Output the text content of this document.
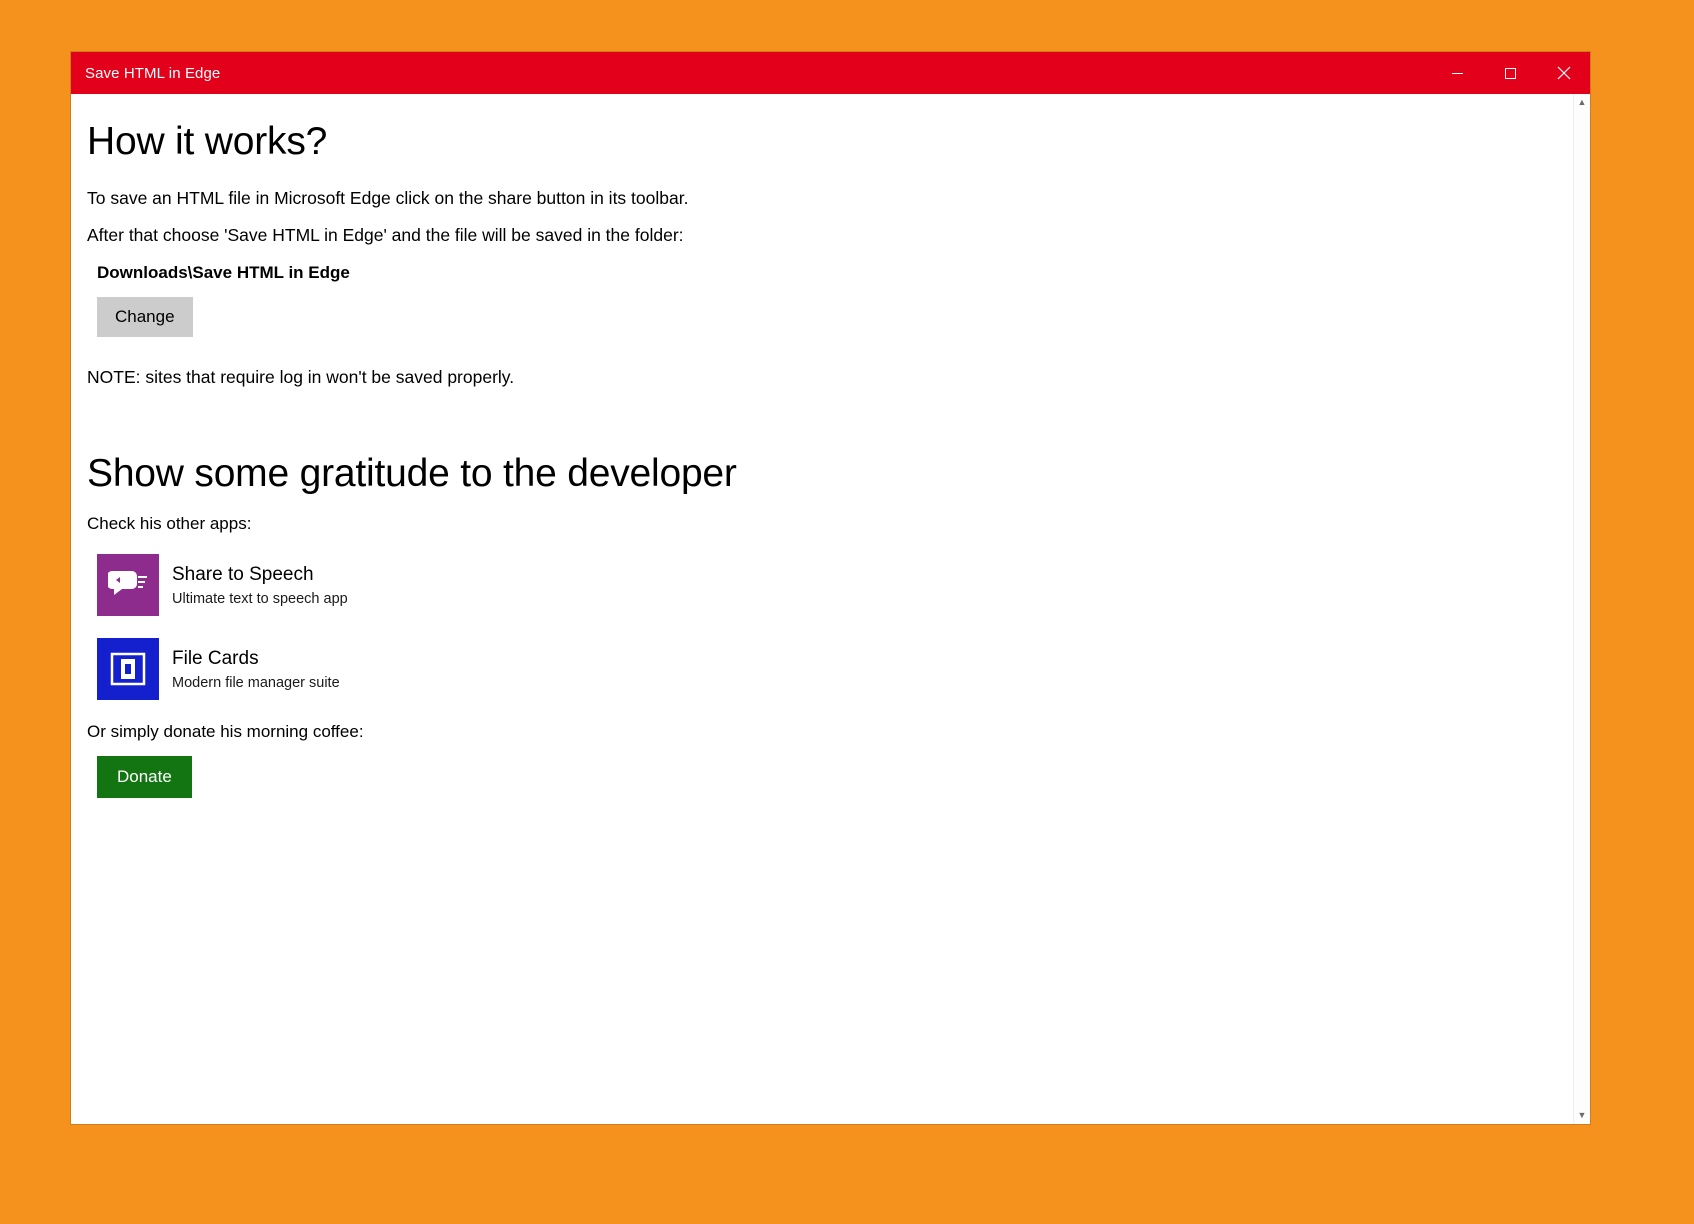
Save HTML in Edge
How it works?

To save an HTML file in Microsoft Edge click on the share button in its toolbar.

After that choose 'Save HTML in Edge' and the file will be saved in the folder:

Downloads\Save HTML in Edge
Change

NOTE: sites that require log in won't be saved properly.

Show some gratitude to the developer

Check his other apps:

Share to Speech
Ultimate text to speech app
File Cards
Modern file manager suite

Or simply donate his morning coffee:

Donate
▲
▼
